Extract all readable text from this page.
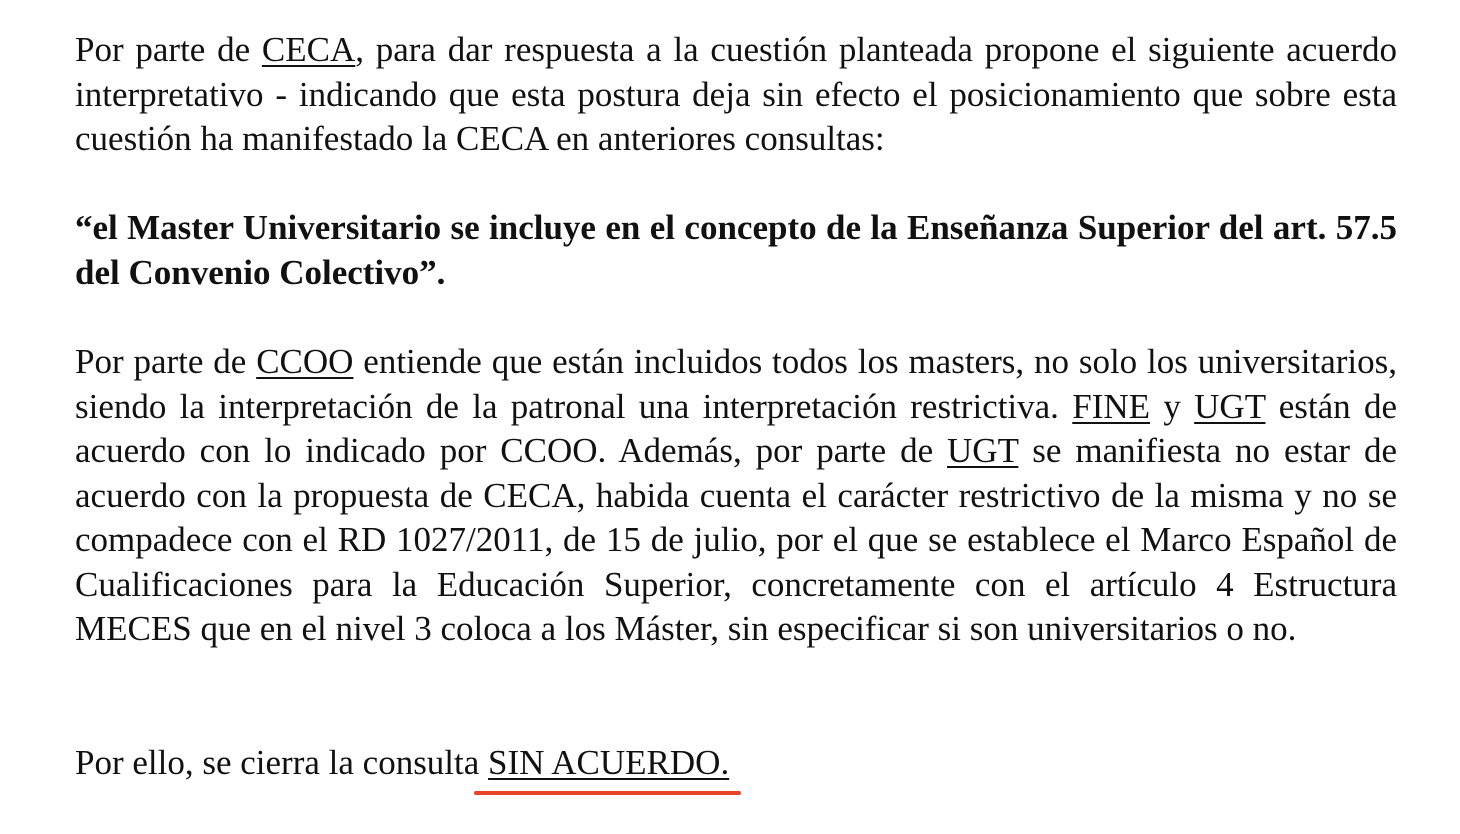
Por parte de CECA, para dar respuesta a la cuestión planteada propone el siguiente acuerdo interpretativo - indicando que esta postura deja sin efecto el posicionamiento que sobre esta cuestión ha manifestado la CECA en anteriores consultas:

“el Master Universitario se incluye en el concepto de la Enseñanza Superior del art. 57.5 del Convenio Colectivo”.

Por parte de CCOO entiende que están incluidos todos los masters, no solo los universitarios, siendo la interpretación de la patronal una interpretación restrictiva. FINE y UGT están de acuerdo con lo indicado por CCOO. Además, por parte de UGT se manifiesta no estar de acuerdo con la propuesta de CECA, habida cuenta el carácter restrictivo de la misma y no se compadece con el RD 1027/2011, de 15 de julio, por el que se establece el Marco Español de Cualificaciones para la Educación Superior, concretamente con el artículo 4 Estructura MECES que en el nivel 3 coloca a los Máster, sin especificar si son universitarios o no.

Por ello, se cierra la consulta SIN ACUERDO.
